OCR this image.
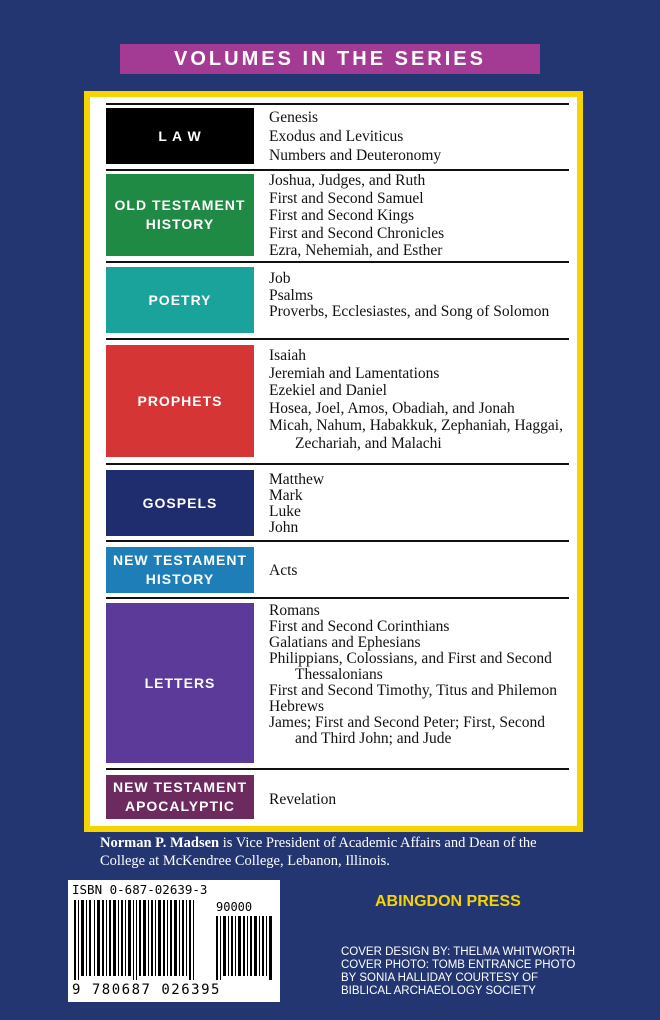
VOLUMES IN THE SERIES
L A W
Genesis
Exodus and Leviticus
Numbers and Deuteronomy
OLD TESTAMENT
HISTORY
Joshua, Judges, and Ruth
First and Second Samuel
First and Second Kings
First and Second Chronicles
Ezra, Nehemiah, and Esther
POETRY
Job
Psalms
Proverbs, Ecclesiastes, and Song of Solomon
PROPHETS
Isaiah
Jeremiah and Lamentations
Ezekiel and Daniel
Hosea, Joel, Amos, Obadiah, and Jonah
Micah, Nahum, Habakkuk, Zephaniah, Haggai, Zechariah, and Malachi
GOSPELS
Matthew
Mark
Luke
John
NEW TESTAMENT
HISTORY	Acts
LETTERS
Romans
First and Second Corinthians
Galatians and Ephesians
Philippians, Colossians, and First and Second Thessalonians
First and Second Timothy, Titus and Philemon
Hebrews
James; First and Second Peter; First, Second and Third John; and Jude
NEW TESTAMENT
APOCALYPTIC	Revelation
Norman P. Madsen is Vice President of Academic Affairs and Dean of the College at McKendree College, Lebanon, Illinois.
ISBN 0-687-02639-3
90000
9 780687 026395
ABINGDON PRESS
COVER DESIGN BY: THELMA WHITWORTH
COVER PHOTO: TOMB ENTRANCE PHOTO
BY SONIA HALLIDAY COURTESY OF
BIBLICAL ARCHAEOLOGY SOCIETY
